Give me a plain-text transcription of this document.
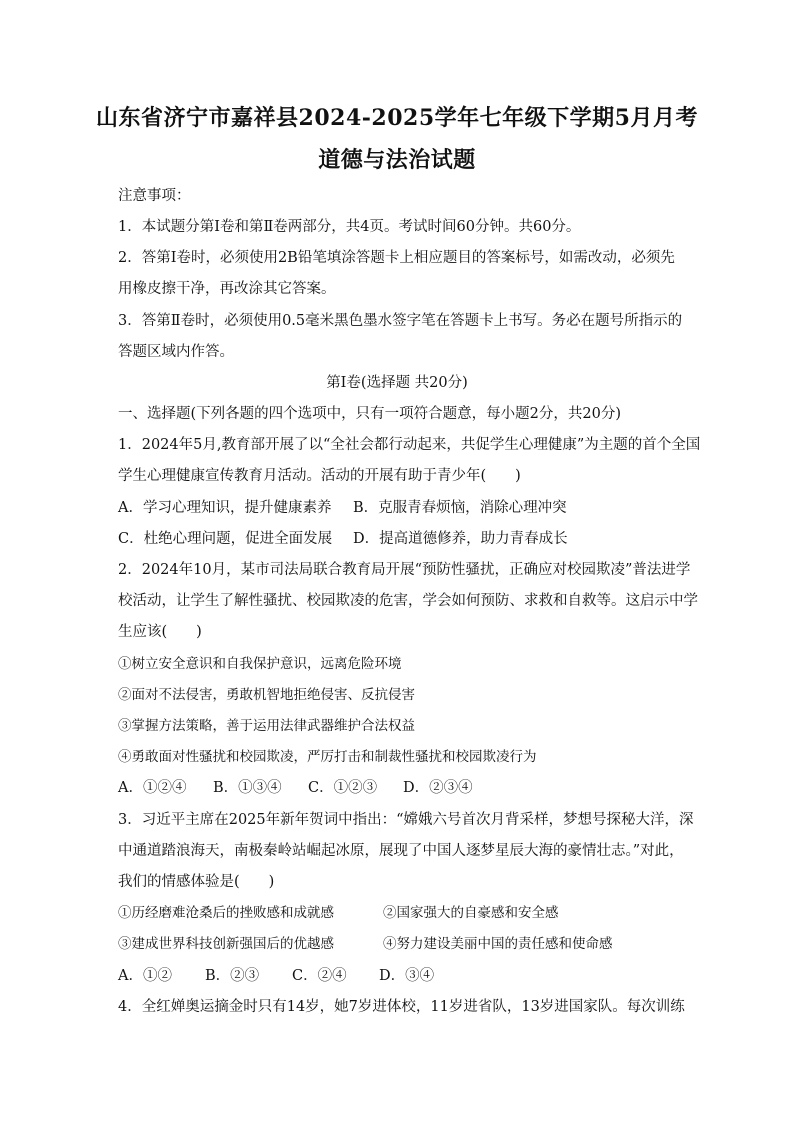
山东省济宁市嘉祥县2024-2025学年七年级下学期5月月考
道德与法治试题
注意事项：
1．本试题分第Ⅰ卷和第Ⅱ卷两部分，共4页。考试时间60分钟。共60分。
2．答第Ⅰ卷时，必须使用2B铅笔填涂答题卡上相应题目的答案标号，如需改动，必须先
用橡皮擦干净，再改涂其它答案。
3．答第Ⅱ卷时，必须使用0.5毫米黑色墨水签字笔在答题卡上书写。务必在题号所指示的
答题区域内作答。
第Ⅰ卷(选择题 共20分)
一、选择题(下列各题的四个选项中，只有一项符合题意，每小题2分，共20分)
1．2024年5月,教育部开展了以“全社会都行动起来，共促学生心理健康”为主题的首个全国
学生心理健康宣传教育月活动。活动的开展有助于青少年(　　)
A．学习心理知识，提升健康素养 B．克服青春烦恼，消除心理冲突
C．杜绝心理问题，促进全面发展 D．提高道德修养，助力青春成长
2．2024年10月，某市司法局联合教育局开展“预防性骚扰，正确应对校园欺凌”普法进学
校活动，让学生了解性骚扰、校园欺凌的危害，学会如何预防、求救和自救等。这启示中学
生应该(　　)
①树立安全意识和自我保护意识，远离危险环境
②面对不法侵害，勇敢机智地拒绝侵害、反抗侵害
③掌握方法策略，善于运用法律武器维护合法权益
④勇敢面对性骚扰和校园欺凌，严厉打击和制裁性骚扰和校园欺凌行为
A．①②④ B．①③④ C．①②③ D．②③④
3．习近平主席在2025年新年贺词中指出：“嫦娥六号首次月背采样，梦想号探秘大洋，深
中通道踏浪海天，南极秦岭站崛起冰原，展现了中国人逐梦星辰大海的豪情壮志。”对此，
我们的情感体验是(　　)
①历经磨难沧桑后的挫败感和成就感	②国家强大的自豪感和安全感
③建成世界科技创新强国后的优越感	④努力建设美丽中国的责任感和使命感
A．①② B．②③ C．②④ D．③④
4．全红婵奥运摘金时只有14岁，她7岁进体校，11岁进省队，13岁进国家队。每次训练
